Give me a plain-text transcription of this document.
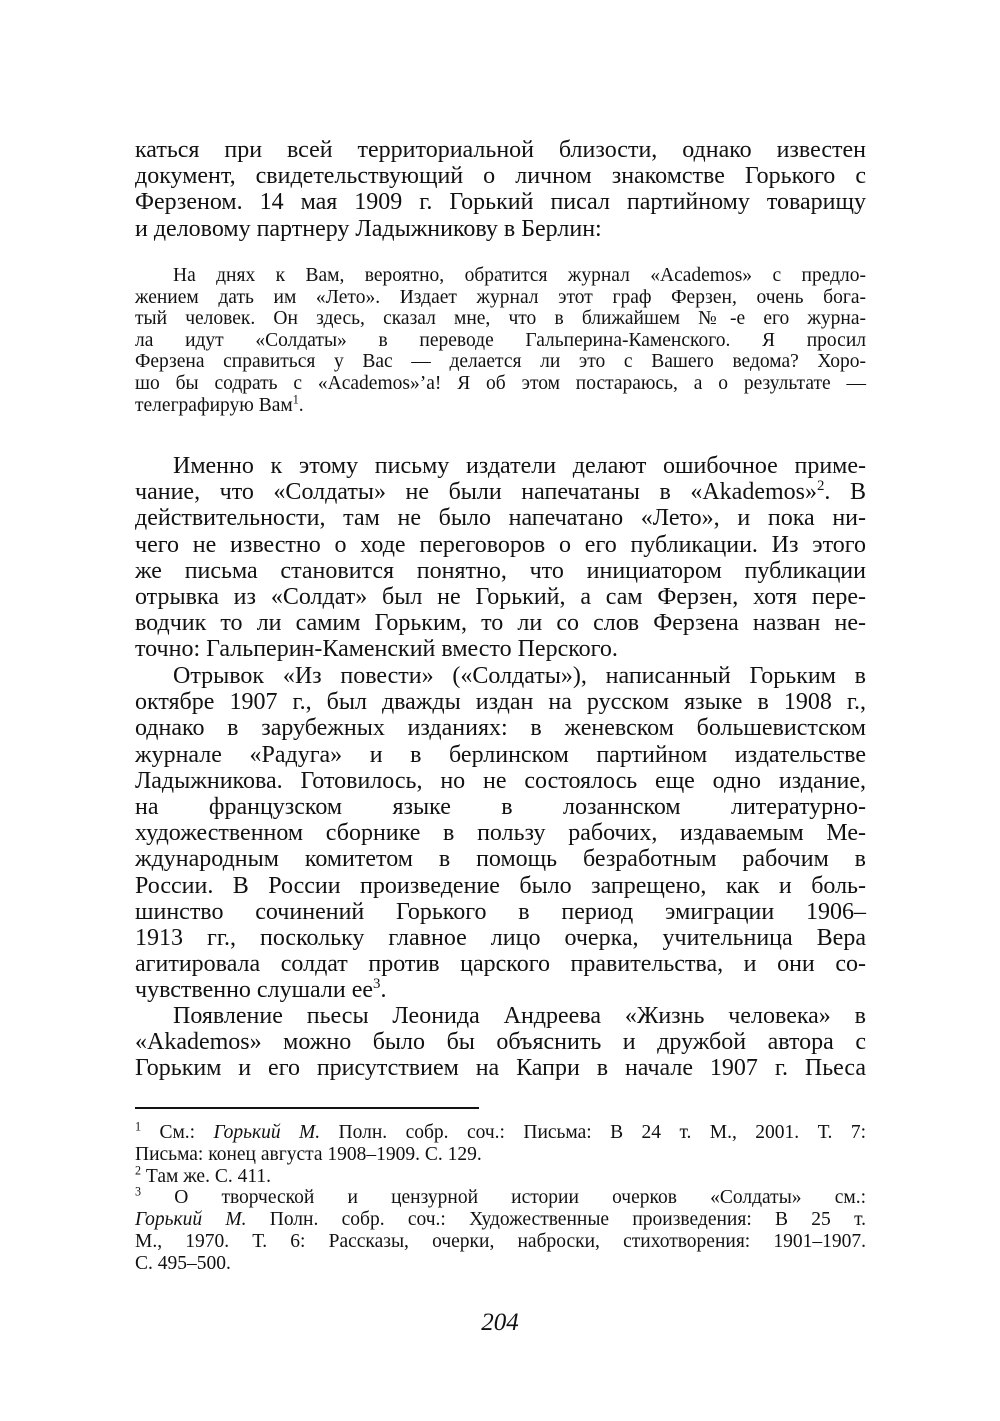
каться при всей территориальной близости, однако известен
документ, свидетельствующий о личном знакомстве Горького с
Ферзеном. 14 мая 1909 г. Горький писал партийному товарищу
и деловому партнеру Ладыжникову в Берлин:
На днях к Вам, вероятно, обратится журнал «Academos» с предло-
жением дать им «Лето». Издает журнал этот граф Ферзен, очень бога-
тый человек. Он здесь, сказал мне, что в ближайшем №-е его журна-
ла идут «Солдаты» в переводе Гальперина-Каменского. Я просил
Ферзена справиться у Вас — делается ли это с Вашего ведома? Хоро-
шо бы содрать с «Academos»’а! Я об этом постараюсь, а о результате —
телеграфирую Вам$^1$.
Именно к этому письму издатели делают ошибочное приме-
чание, что «Солдаты» не были напечатаны в «Akademos»$^2$. В
действительности, там не было напечатано «Лето», и пока ни-
чего не известно о ходе переговоров о его публикации. Из этого
же письма становится понятно, что инициатором публикации
отрывка из «Солдат» был не Горький, а сам Ферзен, хотя пере-
водчик то ли самим Горьким, то ли со слов Ферзена назван не-
точно: Гальперин-Каменский вместо Перского.
Отрывок «Из повести» («Солдаты»), написанный Горьким в
октябре 1907 г., был дважды издан на русском языке в 1908 г.,
однако в зарубежных изданиях: в женевском большевистском
журнале «Радуга» и в берлинском партийном издательстве
Ладыжникова. Готовилось, но не состоялось еще одно издание,
на французском языке в лозаннском литературно-
художественном сборнике в пользу рабочих, издаваемым Ме-
ждународным комитетом в помощь безработным рабочим в
России. В России произведение было запрещено, как и боль-
шинство сочинений Горького в период эмиграции 1906–
1913 гг., поскольку главное лицо очерка, учительница Вера
агитировала солдат против царского правительства, и они со-
чувственно слушали $ее^3$.
Появление пьесы Леонида Андреева «Жизнь человека» в
«Akademos» можно было бы объяснить и дружбой автора с
Горьким и его присутствием на Капри в начале 1907 г. Пьеса
$^1$ См.: Горький М. Полн. собр. соч.: Письма: В 24 т. М., 2001. Т. 7:
Письма: конец августа 1908–1909. С. 129.
$^2$ Там же. С. 411.
$^3$ О творческой и цензурной истории очерков «Солдаты» см.:
Горький М. Полн. собр. соч.: Художественные произведения: В 25 т.
М., 1970. Т. 6: Рассказы, очерки, наброски, стихотворения: 1901–1907.
С. 495–500.
204
